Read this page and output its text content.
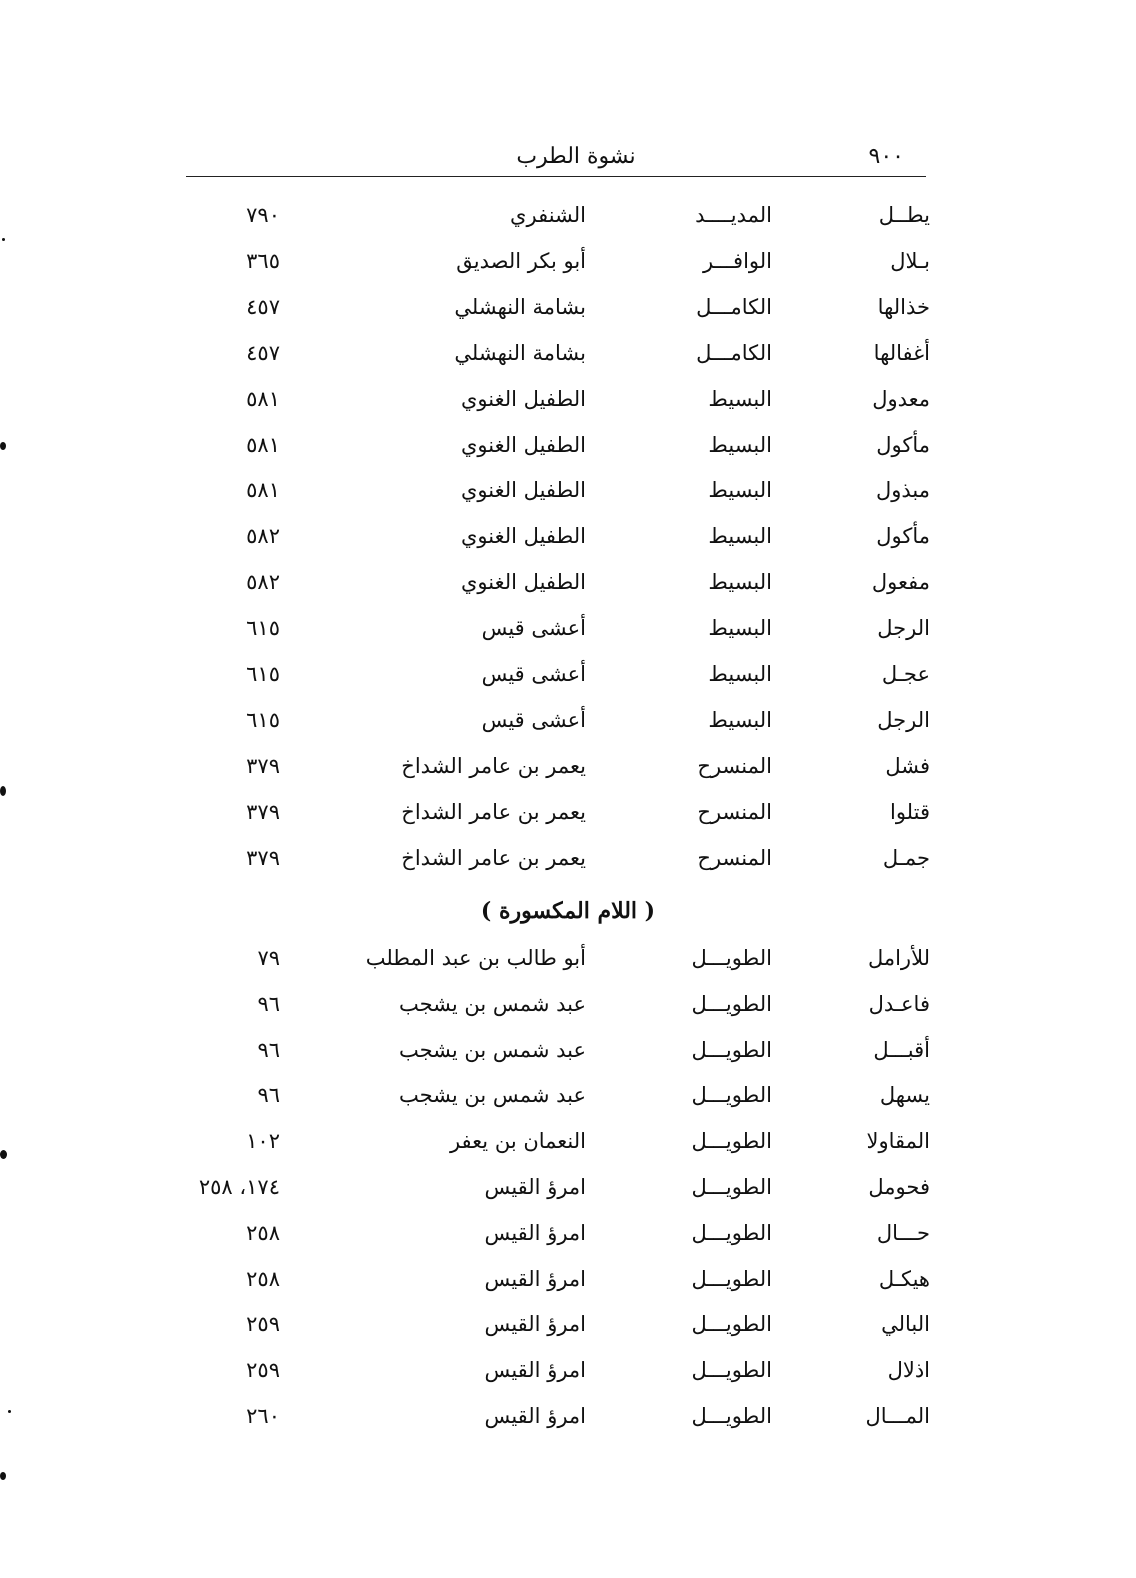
٩٠٠
نشوة الطرب
يطــل
المديــــد
الشنفري
٧٩٠
بـلال
الوافـــر
أبو بكر الصديق
٣٦٥
خذالها
الكامـــل
بشامة النهشلي
٤٥٧
أغفالها
الكامـــل
بشامة النهشلي
٤٥٧
معدول
البسيط
الطفيل الغنوي
٥٨١
مأكول
البسيط
الطفيل الغنوي
٥٨١
مبذول
البسيط
الطفيل الغنوي
٥٨١
مأكول
البسيط
الطفيل الغنوي
٥٨٢
مفعول
البسيط
الطفيل الغنوي
٥٨٢
الرجل
البسيط
أعشى قيس
٦١٥
عجـل
البسيط
أعشى قيس
٦١٥
الرجل
البسيط
أعشى قيس
٦١٥
فشل
المنسرح
يعمر بن عامر الشداخ
٣٧٩
قتلوا
المنسرح
يعمر بن عامر الشداخ
٣٧٩
جمـل
المنسرح
يعمر بن عامر الشداخ
٣٧٩
للأرامل
الطويـــل
أبو طالب بن عبد المطلب
٧٩
فاعـدل
الطويـــل
عبد شمس بن يشجب
٩٦
أقبـــل
الطويـــل
عبد شمس بن يشجب
٩٦
يسهل
الطويـــل
عبد شمس بن يشجب
٩٦
المقاولا
الطويـــل
النعمان بن يعفر
١٠٢
فحومل
الطويـــل
امرؤ القيس
١٧٤، ٢٥٨
حـــال
الطويـــل
امرؤ القيس
٢٥٨
هيكـل
الطويـــل
امرؤ القيس
٢٥٨
البالي
الطويـــل
امرؤ القيس
٢٥٩
اذلال
الطويـــل
امرؤ القيس
٢٥٩
المـــال
الطويـــل
امرؤ القيس
٢٦٠
( اللام المكسورة )
